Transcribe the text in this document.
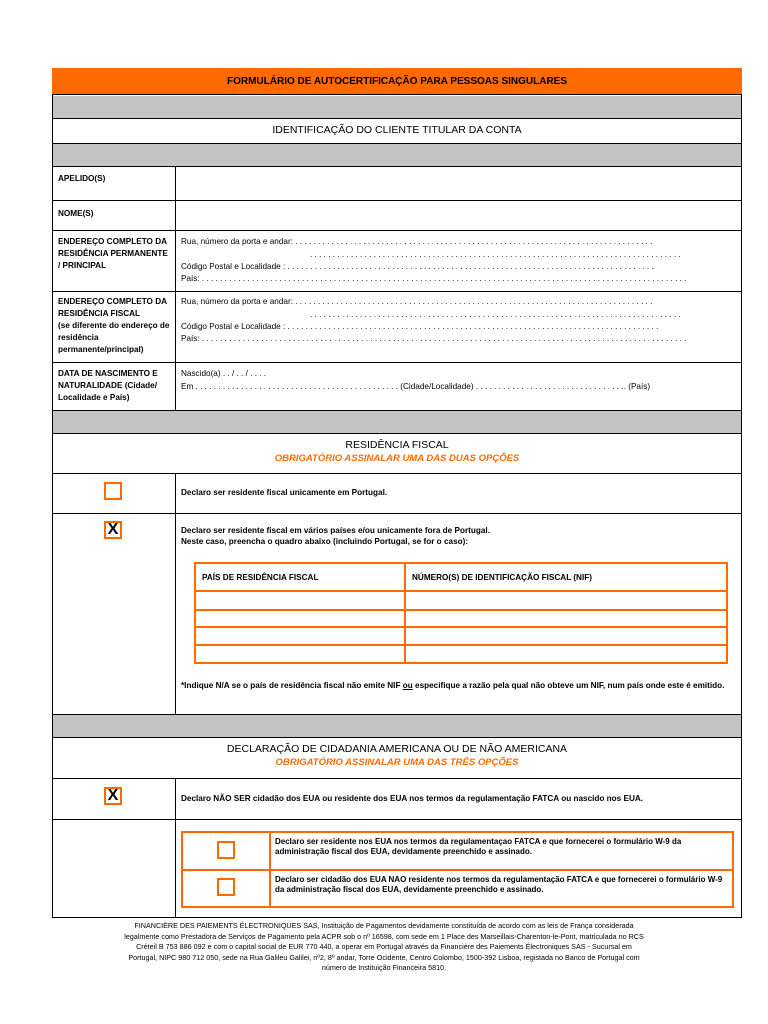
FORMULÁRIO DE AUTOCERTIFICAÇÃO PARA PESSOAS SINGULARES
IDENTIFICAÇÃO DO CLIENTE TITULAR DA CONTA
APELIDO(S)
NOME(S)
ENDEREÇO COMPLETO DA RESIDÊNCIA PERMANENTE / PRINCIPAL
Rua, número da porta e andar: . . . . . . . . . . . . . . . . . . . . . . . . . . . . . . . . . . . . . . . . . . . . . . . . . . . . . . . . . . . . . . . . . . . . . . . . . . . . . . .
. . . . . . . . . . . . . . . . . . . . . . . . . . . . . . . . . . . . . . . . . . . . . . . . . . . . . . . . . . . . . . . . . . . . . . . . . . . . . . . . . .
Código Postal e Localidade : . . . . . . . . . . . . . . . . . . . . . . . . . . . . . . . . . . . . . . . . . . . . . . . . . . . . . . . . . . . . . . . . . . . . . . . . . . . . . . . . .
País: . . . . . . . . . . . . . . . . . . . . . . . . . . . . . . . . . . . . . . . . . . . . . . . . . . . . . . . . . . . . . . . . . . . . . . . . . . . . . . . . . . . . . . . . . . . . . . . . . . . . . . . . . . .
ENDEREÇO COMPLETO DA RESIDÊNCIA FISCAL
(se diferente do endereço de residência permanente/principal)
Rua, número da porta e andar: . . . . . . . . . . . . . . . . . . . . . . . . . . . . . . . . . . . . . . . . . . . . . . . . . . . . . . . . . . . . . . . . . . . . . . . . . . . . . . .
. . . . . . . . . . . . . . . . . . . . . . . . . . . . . . . . . . . . . . . . . . . . . . . . . . . . . . . . . . . . . . . . . . . . . . . . . . . . . . . . . .
Código Postal e Localidade : . . . . . . . . . . . . . . . . . . . . . . . . . . . . . . . . . . . . . . . . . . . . . . . . . . . . . . . . . . . . . . . . . . . . . . . . . . . . . . . . . .
País: . . . . . . . . . . . . . . . . . . . . . . . . . . . . . . . . . . . . . . . . . . . . . . . . . . . . . . . . . . . . . . . . . . . . . . . . . . . . . . . . . . . . . . . . . . . . . . . . . . . . . . . . . . .
DATA DE NASCIMENTO E NATURALIDADE (Cidade/ Localidade e País)
Nascido(a) . . / . . / . . . .
Em . . . . . . . . . . . . . . . . . . . . . . . . . . . . . . . . . . . . . . . . . . . . . (Cidade/Localidade) . . . . . . . . . . . . . . . . . . . . . . . . . . . . . . . . .. (País)
RESIDÊNCIA FISCAL
OBRIGATÓRIO ASSINALAR UMA DAS DUAS OPÇÕES
Declaro ser residente fiscal unicamente em Portugal.
X	Declaro ser residente fiscal em vários países e/ou unicamente fora de Portugal.
Neste caso, preencha o quadro abaixo (incluindo Portugal, se for o caso):
PAÍS DE RESIDÊNCIA FISCAL	NÚMERO(S) DE IDENTIFICAÇÃO FISCAL (NIF)
*Indique N/A se o país de residência fiscal não emite NIF ou especifique a razão pela qual não obteve um NIF, num país onde este é emitido.
DECLARAÇÃO DE CIDADANIA AMERICANA OU DE NÃO AMERICANA
OBRIGATÓRIO ASSINALAR UMA DAS TRÊS OPÇÕES
X	Declaro NÃO SER cidadão dos EUA ou residente dos EUA nos termos da regulamentação FATCA ou nascido nos EUA.
Declaro ser residente nos EUA nos termos da regulamentaçao FATCA e que fornecerei o formulário W-9 da administração fiscal dos EUA, devidamente preenchido e assinado.
Declaro ser cidadão dos EUA NAO residente nos termos da regulamentação FATCA e que fornecerei o formulário W-9 da administração fiscal dos EUA, devidamente preenchido e assinado.
FINANCIÈRE DES PAIEMENTS ÉLECTRONIQUES SAS, Instituição de Pagamentos devidamente constituída de acordo com as leis de França considerada
legalmente como Prestadora de Serviços de Pagamento pela ACPR sob o nº 16598, com sede em 1 Place des Marseillais-Charenton-le-Pont, matriculada no RCS
Créteil B 753 886 092 e com o capital social de EUR 770 440, a operar em Portugal através da Financière des Paiements Électroniques SAS - Sucursal em
Portugal, NIPC 980 712 050, sede na Rua Galileu Galilei, nº2, 8º andar, Torre Ocidente, Centro Colombo, 1500-392 Lisboa, registada no Banco de Portugal com
número de Instituição Financeira 5810.
